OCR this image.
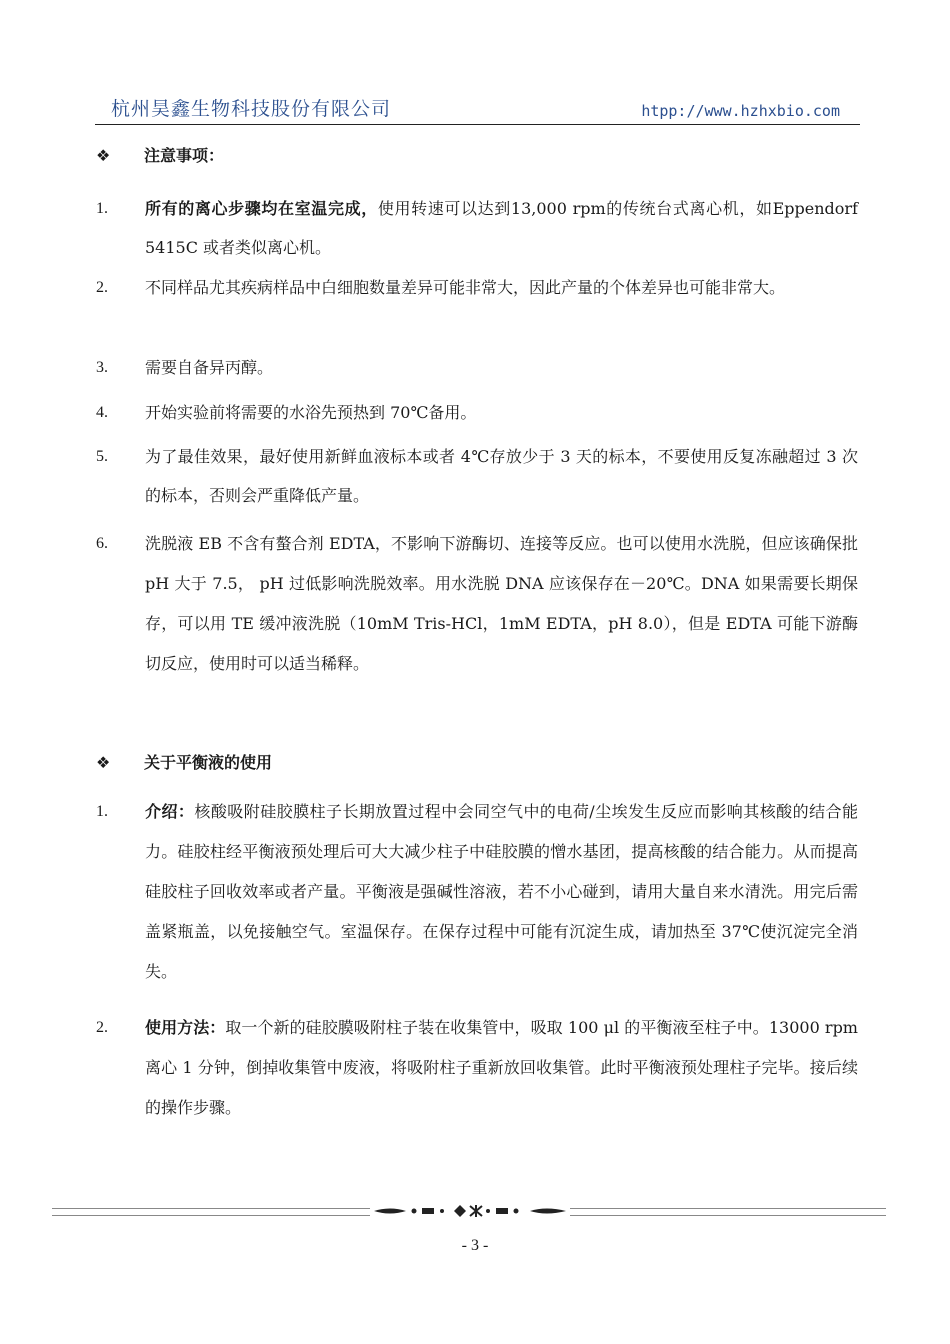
杭州昊鑫生物科技股份有限公司	htpp://www.hzhxbio.com
❖ 注意事项：
1. 所有的离心步骤均在室温完成，使用转速可以达到13,000 rpm的传统台式离心机，如Eppendorf 5415C 或者类似离心机。
2. 不同样品尤其疾病样品中白细胞数量差异可能非常大，因此产量的个体差异也可能非常大。
3. 需要自备异丙醇。
4. 开始实验前将需要的水浴先预热到 70℃备用。
5. 为了最佳效果，最好使用新鲜血液标本或者 4℃存放少于 3 天的标本，不要使用反复冻融超过 3 次的标本，否则会严重降低产量。
6. 洗脱液 EB 不含有螯合剂 EDTA，不影响下游酶切、连接等反应。也可以使用水洗脱，但应该确保批 pH 大于 7.5， pH 过低影响洗脱效率。用水洗脱 DNA 应该保存在－20℃。DNA 如果需要长期保存，可以用 TE 缓冲液洗脱（10mM Tris-HCl，1mM EDTA，pH 8.0），但是 EDTA 可能下游酶切反应，使用时可以适当稀释。
❖ 关于平衡液的使用
1. 介绍：核酸吸附硅胶膜柱子长期放置过程中会同空气中的电荷/尘埃发生反应而影响其核酸的结合能力。硅胶柱经平衡液预处理后可大大减少柱子中硅胶膜的憎水基团，提高核酸的结合能力。从而提高硅胶柱子回收效率或者产量。平衡液是强碱性溶液，若不小心碰到，请用大量自来水清洗。用完后需盖紧瓶盖，以免接触空气。室温保存。在保存过程中可能有沉淀生成，请加热至 37℃使沉淀完全消失。
2. 使用方法：取一个新的硅胶膜吸附柱子装在收集管中，吸取 100 μl 的平衡液至柱子中。13000 rpm 离心 1 分钟，倒掉收集管中废液，将吸附柱子重新放回收集管。此时平衡液预处理柱子完毕。接后续的操作步骤。
- 3 -
